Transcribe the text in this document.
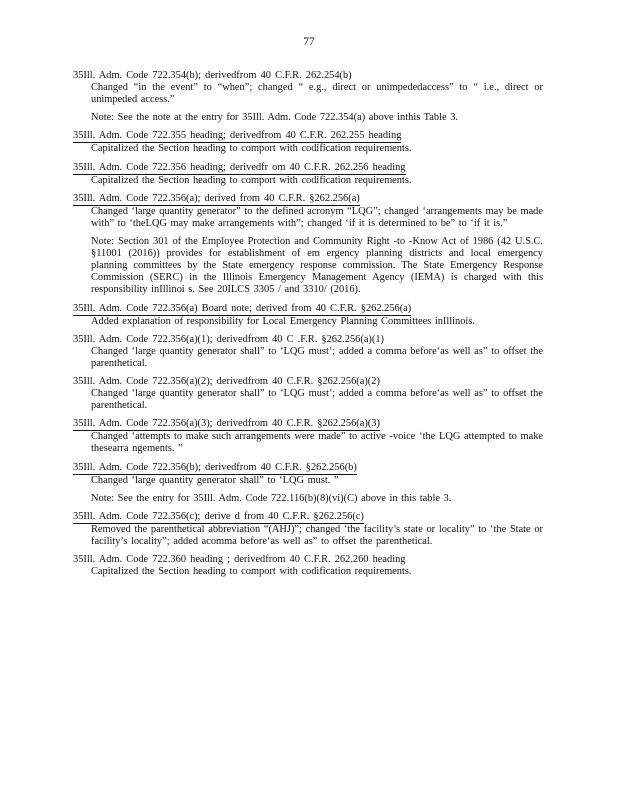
77
35Ill. Adm. Code 722.354(b); derivedfrom 40 C.F.R. 262.254(b)
Changed “in the event” to “when”; changed “ e.g., direct or unimpededaccess” to “ i.e., direct or unimpeded access.”
Note: See the note at the entry for 35Ill. Adm. Code 722.354(a) above inthis Table 3.
35Ill. Adm. Code 722.355 heading; derivedfrom 40 C.F.R. 262.255 heading
Capitalized the Section heading to comport with codification requirements.
35Ill. Adm. Code 722.356 heading; derivedfr om 40 C.F.R. 262.256 heading
Capitalized the Section heading to comport with codification requirements.
35Ill. Adm. Code 722.356(a); derived from 40 C.F.R. §262.256(a)
Changed ‘large quantity generator” to the defined acronym “LQG”; changed ‘arrangements may be made with” to ‘theLQG may make arrangements with”; changed ‘if it is determined to be” to ‘if it is.”
Note: Section 301 of the Employee Protection and Community Right -to -Know Act of 1986 (42 U.S.C. §11001 (2016)) provides for establishment of em ergency planning districts and local emergency planning committees by the State emergency response commission. The State Emergency Response Commission (SERC) in the Illinois Emergency Management Agency (IEMA) is charged with this responsibility inIllinoi s. See 20ILCS 3305 / and 3310/ (2016).
35Ill. Adm. Code 722.356(a) Board note; derived from 40 C.F.R. §262.256(a)
Added explanation of responsibility for Local Emergency Planning Committees inIllinois.
35Ill. Adm. Code 722.356(a)(1); derivedfrom 40 C .F.R. §262.256(a)(1)
Changed ‘large quantity generator shall” to ‘LQG must’; added a comma before‘as well as” to offset the parenthetical.
35Ill. Adm. Code 722.356(a)(2); derivedfrom 40 C.F.R. §262.256(a)(2)
Changed ‘large quantity generator shall” to ‘LQG must’; added a comma before‘as well as” to offset the parenthetical.
35Ill. Adm. Code 722.356(a)(3); derivedfrom 40 C.F.R. §262.256(a)(3)
Changed ‘attempts to make such arrangements were made” to active -voice ‘the LQG attempted to make thesearra ngements. ”
35Ill. Adm. Code 722.356(b); derivedfrom 40 C.F.R. §262.256(b)
Changed ‘large quantity generator shall” to ‘LQG must. ”
Note: See the entry for 35Ill. Adm. Code 722.116(b)(8)(vi)(C) above in this table 3.
35Ill. Adm. Code 722.356(c); derive d from 40 C.F.R. §262.256(c)
Removed the parenthetical abbreviation “(AHJ)”; changed ‘the facility’s state or locality” to ‘the State or facility’s locality”; added acomma before‘as well as” to offset the parenthetical.
35Ill. Adm. Code 722.360 heading ; derivedfrom 40 C.F.R. 262.260 heading
Capitalized the Section heading to comport with codification requirements.
